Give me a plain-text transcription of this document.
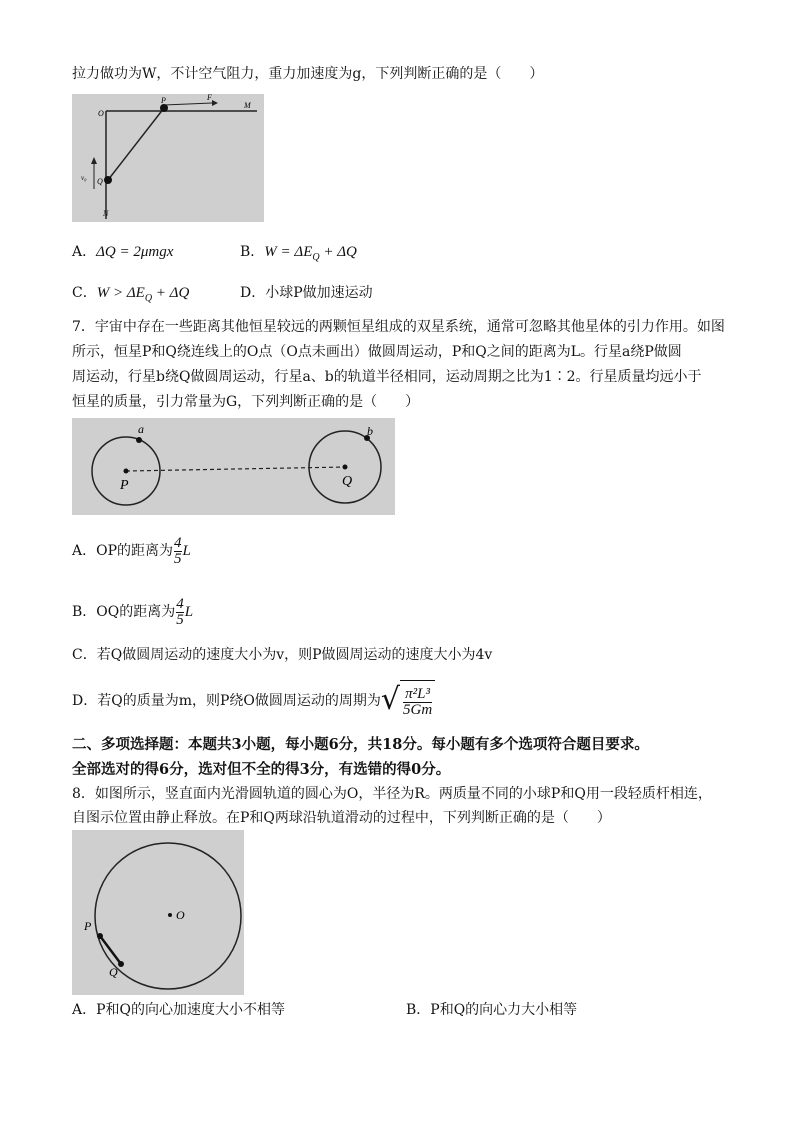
拉力做功为W，不计空气阻力，重力加速度为g，下列判断正确的是（　　）
O
P	F
M
v₀ Q
N
A．ΔQ = 2μmgx	B．$W = \Delta E_Q + \Delta Q$
C．$W > \Delta E_Q + \Delta Q$	D．小球P做加速运动
7．宇宙中存在一些距离其他恒星较远的两颗恒星组成的双星系统，通常可忽略其他星体的引力作用。如图
所示，恒星P和Q绕连线上的O点（O点未画出）做圆周运动，P和Q之间的距离为L。行星a绕P做圆
周运动，行星b绕Q做圆周运动，行星a、b的轨道半径相同，运动周期之比为1∶2。行星质量均远小于
恒星的质量，引力常量为G，下列判断正确的是（　　）
a
P
b
Q
A．OP的距离为 $\frac{4}{5}$ L
B．OQ的距离为 $\frac{4}{5}$ L
C．若Q做圆周运动的速度大小为v，则P做圆周运动的速度大小为4v
D．若Q的质量为m，则P绕O做圆周运动的周期为 √ $\frac{\text{π²L³}}{5Gm}$
二、多项选择题：本题共3小题，每小题6分，共18分。每小题有多个选项符合题目要求。
全部选对的得6分，选对但不全的得3分，有选错的得0分。
8．如图所示，竖直面内光滑圆轨道的圆心为O，半径为R。两质量不同的小球P和Q用一段轻质杆相连，
自图示位置由静止释放。在P和Q两球沿轨道滑动的过程中，下列判断正确的是（　　）
O
P
Q
A．P和Q的向心加速度大小不相等	B．P和Q的向心力大小相等
